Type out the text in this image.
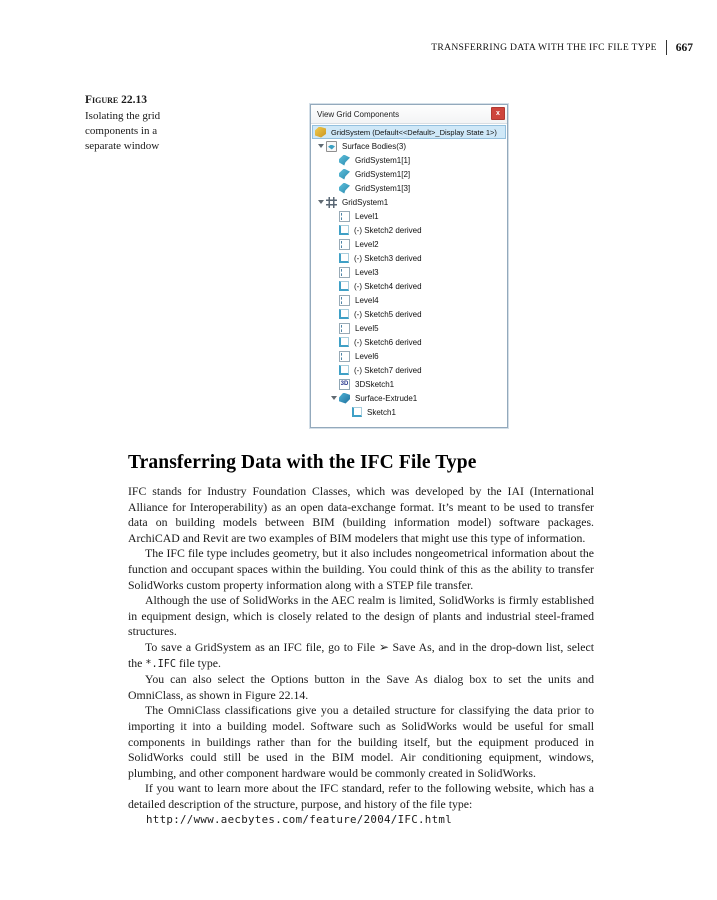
TRANSFERRING DATA WITH THE IFC FILE TYPE 667
Figure 22.13
Isolating the grid
components in a
separate window
View Grid Components	x
GridSystem (Default<<Default>_Display State 1>)
Surface Bodies(3)
GridSystem1[1]
GridSystem1[2]
GridSystem1[3]
GridSystem1
Level1
(-) Sketch2 derived
Level2
(-) Sketch3 derived
Level3
(-) Sketch4 derived
Level4
(-) Sketch5 derived
Level5
(-) Sketch6 derived
Level6
(-) Sketch7 derived
3D
3DSketch1
Surface-Extrude1
Sketch1
Transferring Data with the IFC File Type

IFC stands for Industry Foundation Classes, which was developed by the IAI (International Alliance for Interoperability) as an open data-exchange format. It’s meant to be used to transfer data on building models between BIM (building information model) software packages. ArchiCAD and Revit are two examples of BIM modelers that might use this type of information.

The IFC file type includes geometry, but it also includes nongeometrical information about the function and occupant spaces within the building. You could think of this as the ability to transfer SolidWorks custom property information along with a STEP file transfer.

Although the use of SolidWorks in the AEC realm is limited, SolidWorks is firmly established in equipment design, which is closely related to the design of plants and industrial steel-framed structures.

To save a GridSystem as an IFC file, go to File ➢ Save As, and in the drop-down list, select the *.IFC file type.

You can also select the Options button in the Save As dialog box to set the units and OmniClass, as shown in Figure 22.14.

The OmniClass classifications give you a detailed structure for classifying the data prior to importing it into a building model. Software such as SolidWorks would be useful for small components in buildings rather than for the building itself, but the equipment produced in SolidWorks could still be used in the BIM model. Air conditioning equipment, windows, plumbing, and other component hardware would be commonly created in SolidWorks.

If you want to learn more about the IFC standard, refer to the following website, which has a detailed description of the structure, purpose, and history of the file type:

http://www.aecbytes.com/feature/2004/IFC.html
